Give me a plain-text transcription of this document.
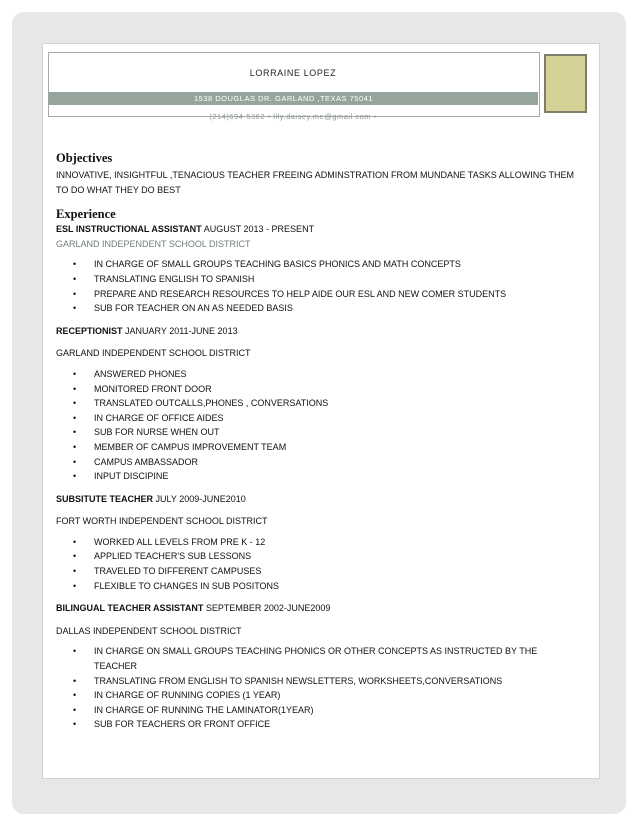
LORRAINE LOPEZ
1538 DOUGLAS DR. GARLAND ,TEXAS 75041
(214)694-5362 • lily.daisey.me@gmail.com •
Objectives
INNOVATIVE, INSIGHTFUL ,TENACIOUS TEACHER FREEING ADMINSTRATION FROM MUNDANE TASKS ALLOWING THEM TO DO WHAT THEY DO BEST
Experience
ESL INSTRUCTIONAL ASSISTANT AUGUST 2013 - PRESENT
GARLAND INDEPENDENT SCHOOL DISTRICT
• IN CHARGE OF SMALL GROUPS TEACHING BASICS PHONICS AND MATH CONCEPTS
• TRANSLATING ENGLISH TO SPANISH
• PREPARE AND RESEARCH RESOURCES TO HELP AIDE OUR ESL AND NEW COMER STUDENTS
• SUB FOR TEACHER ON AN AS NEEDED BASIS
RECEPTIONIST JANUARY 2011-JUNE 2013
GARLAND INDEPENDENT SCHOOL DISTRICT
• ANSWERED PHONES
• MONITORED FRONT DOOR
• TRANSLATED OUTCALLS,PHONES , CONVERSATIONS
• IN CHARGE OF OFFICE AIDES
• SUB FOR NURSE WHEN OUT
• MEMBER OF CAMPUS IMPROVEMENT TEAM
• CAMPUS AMBASSADOR
• INPUT DISCIPINE
SUBSITUTE TEACHER JULY 2009-JUNE2010
FORT WORTH INDEPENDENT SCHOOL DISTRICT
• WORKED ALL LEVELS FROM PRE K - 12
• APPLIED TEACHER'S SUB LESSONS
• TRAVELED TO DIFFERENT CAMPUSES
• FLEXIBLE TO CHANGES IN SUB POSITONS
BILINGUAL TEACHER ASSISTANT SEPTEMBER 2002-JUNE2009
DALLAS INDEPENDENT SCHOOL DISTRICT
• IN CHARGE ON SMALL GROUPS TEACHING PHONICS OR OTHER CONCEPTS AS INSTRUCTED BY THE TEACHER
• TRANSLATING FROM ENGLISH TO SPANISH NEWSLETTERS, WORKSHEETS,CONVERSATIONS
• IN CHARGE OF RUNNING COPIES (1 YEAR)
• IN CHARGE OF RUNNING THE LAMINATOR(1YEAR)
• SUB FOR TEACHERS OR FRONT OFFICE
